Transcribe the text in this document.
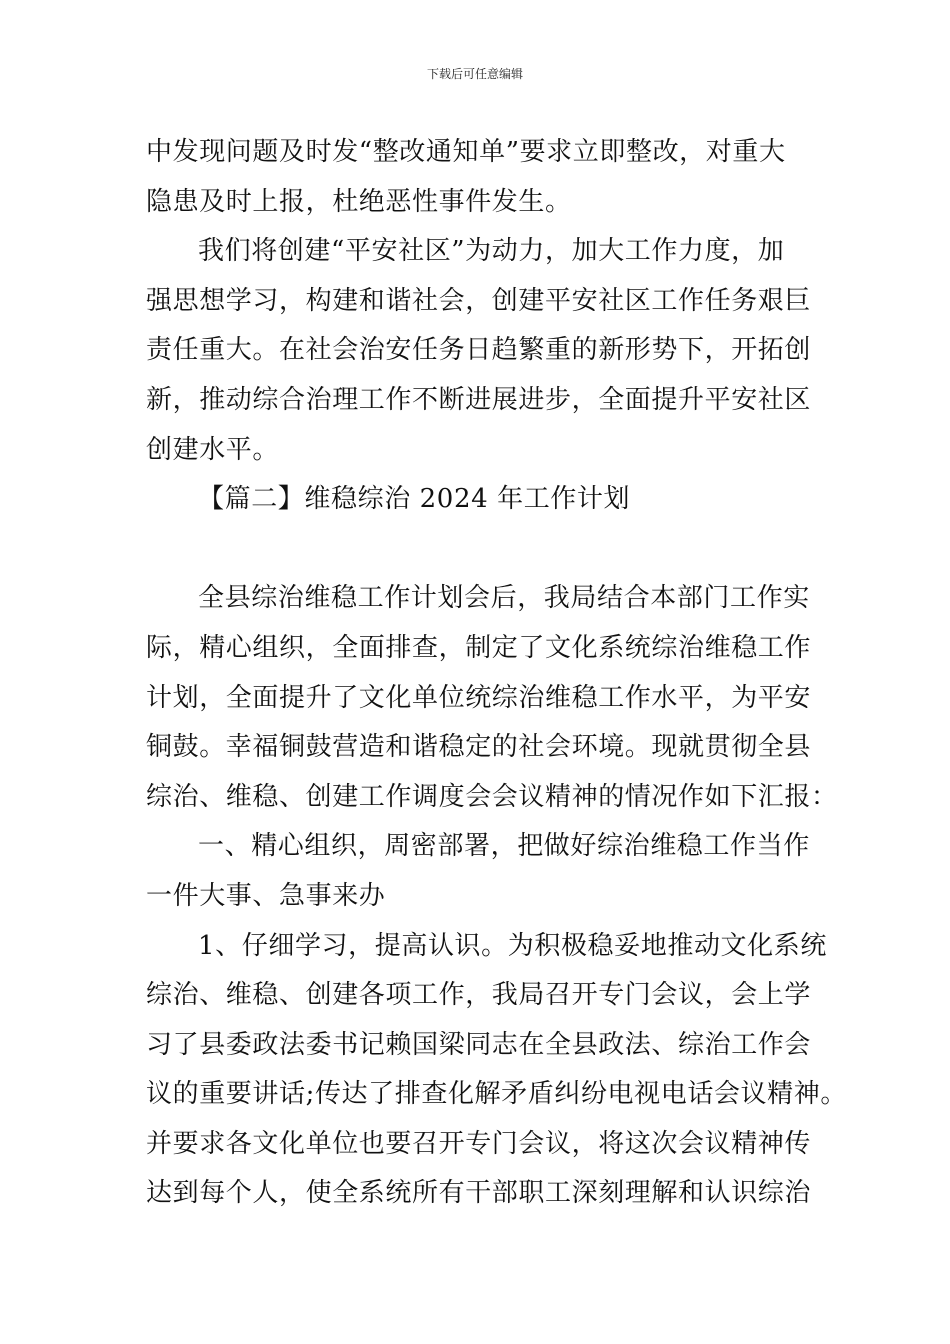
下载后可任意编辑
中发现问题及时发“整改通知单”要求立即整改，对重大
隐患及时上报，杜绝恶性事件发生。
我们将创建“平安社区”为动力，加大工作力度，加
强思想学习，构建和谐社会，创建平安社区工作任务艰巨
责任重大。在社会治安任务日趋繁重的新形势下，开拓创
新，推动综合治理工作不断进展进步，全面提升平安社区
创建水平。
【篇二】维稳综治 2024 年工作计划
全县综治维稳工作计划会后，我局结合本部门工作实
际，精心组织，全面排查，制定了文化系统综治维稳工作
计划，全面提升了文化单位统综治维稳工作水平，为平安
铜鼓。幸福铜鼓营造和谐稳定的社会环境。现就贯彻全县
综治、维稳、创建工作调度会会议精神的情况作如下汇报：
一、精心组织，周密部署，把做好综治维稳工作当作
一件大事、急事来办
1、仔细学习，提高认识。为积极稳妥地推动文化系统
综治、维稳、创建各项工作，我局召开专门会议，会上学
习了县委政法委书记赖国梁同志在全县政法、综治工作会
议的重要讲话;传达了排查化解矛盾纠纷电视电话会议精神。
并要求各文化单位也要召开专门会议，将这次会议精神传
达到每个人，使全系统所有干部职工深刻理解和认识综治
